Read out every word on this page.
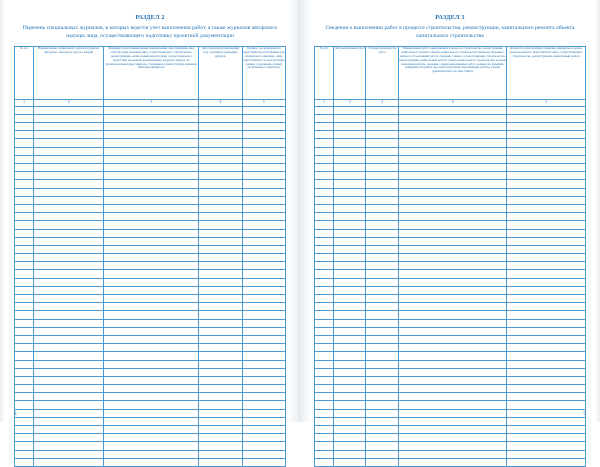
РАЗДЕЛ 2
Перечень специальных журналов, в которых ведется учет выполнения работ, а также журналов авторского надзора лица, осуществляющего подготовку проектной документации
№ п/п	Наименование специального журнала (журнала авторского надзора) и дата его выдачи	Фамилия и (или) наименование наименование лица (фамилия, имя, отчество (при наличии) лица, осуществляющего строительство, реконструкцию, капитальный ремонт (лица, осуществляющего подготовку проектной документации), ведущего журнал, их уполномоченный представитель с указанием должности (при наличии), фамилии, инициалов	Дата передачи (возвращения) под сохранную (хранение) журнала	Подпись уполномоченного представителя застройщика или технического заказчика, лица, ответственного за эксплуатацию здания, сооружения, и (или) регионального оператора
1	2	3	4	5

8
РАЗДЕЛ 3
Сведения о выполнении работ в процессе строительства, реконструкции, капитального ремонта объекта капитального строительства
№ п/п	Дата выполнения работ	Условия производства работ	Наименование работ, выполняемых в процессе строительства, реконструкции, капитального ремонта объекта капитального строительства (включая сведения о начале и об окончании работ), сведения о лицах, осуществляющих строительство, реконструкцию, капитальный ремонт объекта капитального строительства, которые выполняли работы, сведения о видах выполняемых работ, должности, фамилии, инициалы и подписи лиц, непосредственно выполнявших работы, и (или) руководителей участков, бригад	Должность (при наличии), фамилия, инициалы, подпись, уполномоченного представителя лица, осуществляющего строительство, реконструкцию, капитальный ремонт
1	2	3	4	5

9
